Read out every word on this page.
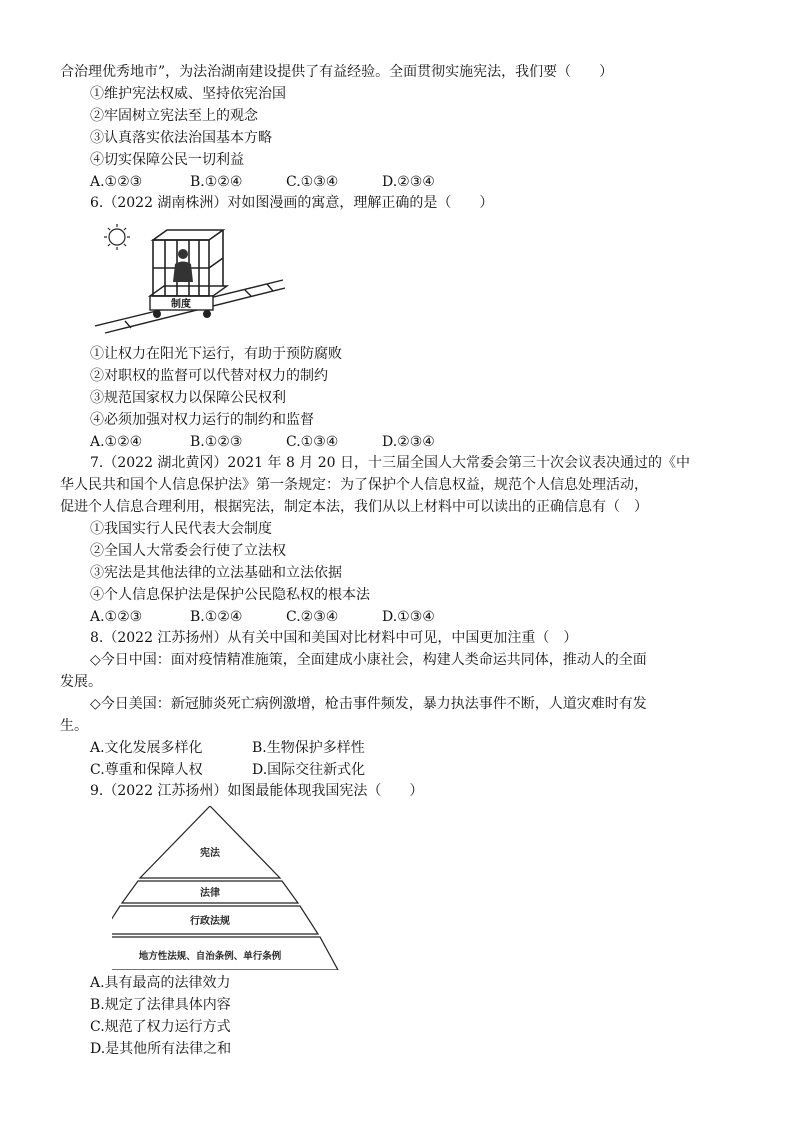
合治理优秀地市”，为法治湖南建设提供了有益经验。全面贯彻实施宪法，我们要（　　）
①维护宪法权威、坚持依宪治国
②牢固树立宪法至上的观念
③认真落实依法治国基本方略
④切实保障公民一切利益
A.①②③	B.①②④	C.①③④	D.②③④
6.（2022 湖南株洲）对如图漫画的寓意，理解正确的是（　　）
制度
①让权力在阳光下运行，有助于预防腐败
②对职权的监督可以代替对权力的制约
③规范国家权力以保障公民权利
④必须加强对权力运行的制约和监督
A.①②④	B.①②③	C.①③④	D.②③④
7.（2022 湖北黄冈）2021 年 8 月 20 日，十三届全国人大常委会第三十次会议表决通过的《中
华人民共和国个人信息保护法》第一条规定：为了保护个人信息权益，规范个人信息处理活动，
促进个人信息合理利用，根据宪法，制定本法，我们从以上材料中可以读出的正确信息有（　）
①我国实行人民代表大会制度
②全国人大常委会行使了立法权
③宪法是其他法律的立法基础和立法依据
④个人信息保护法是保护公民隐私权的根本法
A.①②③	B.①②④	C.②③④	D.①③④
8.（2022 江苏扬州）从有关中国和美国对比材料中可见，中国更加注重（　）
◇今日中国：面对疫情精准施策，全面建成小康社会，构建人类命运共同体，推动人的全面
发展。
◇今日美国：新冠肺炎死亡病例激增，枪击事件频发，暴力执法事件不断，人道灾难时有发
生。
A.文化发展多样化	B.生物保护多样性
C.尊重和保障人权	D.国际交往新式化
9.（2022 江苏扬州）如图最能体现我国宪法（　　）
宪法
法律
行政法规
地方性法规、自治条例、单行条例
A.具有最高的法律效力
B.规定了法律具体内容
C.规范了权力运行方式
D.是其他所有法律之和
